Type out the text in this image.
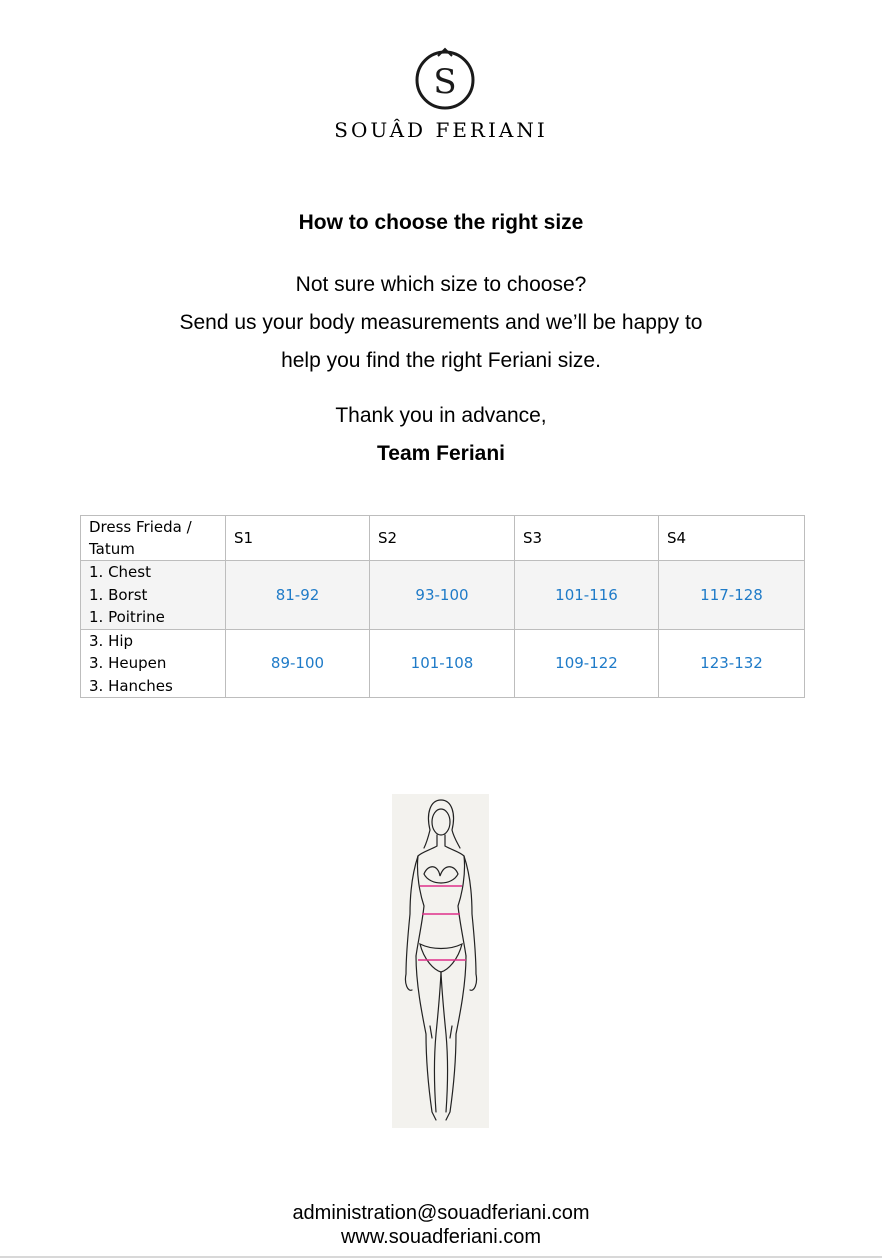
S
SOUÂD FERIANI
How to choose the right size
Not sure which size to choose?
Send us your body measurements and we’ll be happy to
help you find the right Feriani size.
Thank you in advance,
Team Feriani
Dress Frieda /
Tatum	S1	S2	S3	S4

1. Chest
1. Borst
1. Poitrine	81-92	93-100	101-116	117-128

3. Hip
3. Heupen
3. Hanches	89-100	101-108	109-122	123-132
administration@souadferiani.com
www.souadferiani.com
